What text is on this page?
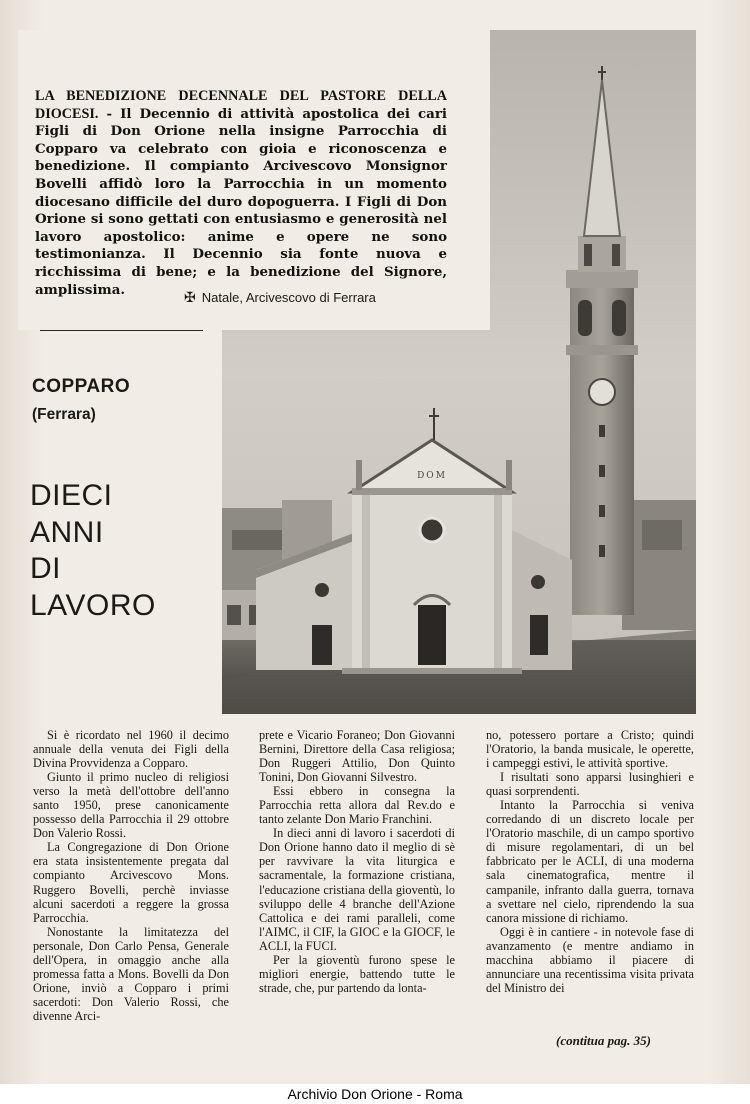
DOM
LA BENEDIZIONE DECENNALE DEL PASTORE DELLA DIOCESI. - Il Decennio di attività apostolica dei cari Figli di Don Orione nella insigne Parrocchia di Copparo va celebrato con gioia e riconoscenza e benedizione. Il compianto Arcivescovo Monsignor Bovelli affidò loro la Parrocchia in un momento diocesano difficile del duro dopoguerra. I Figli di Don Orione si sono gettati con entusiasmo e generosità nel lavoro apostolico: anime e opere ne sono testimonianza. Il Decennio sia fonte nuova e ricchissima di bene; e la benedizione del Signore, amplissima.	✠ Natale, Arcivescovo di Ferrara
COPPARO
(Ferrara)
DIECI
ANNI
DI
LAVORO

Si è ricordato nel 1960 il decimo annuale della venuta dei Figli della Divina Provvidenza a Copparo.

Giunto il primo nucleo di religiosi verso la metà dell'ottobre dell'anno santo 1950, prese canonicamente possesso della Parrocchia il 29 ottobre Don Valerio Rossi.

La Congregazione di Don Orione era stata insistentemente pregata dal compianto Arcivescovo Mons. Ruggero Bovelli, perchè inviasse alcuni sacerdoti a reggere la grossa Parrocchia.

Nonostante la limitatezza del personale, Don Carlo Pensa, Generale dell'Opera, in omaggio anche alla promessa fatta a Mons. Bovelli da Don Orione, inviò a Copparo i primi sacerdoti: Don Valerio Rossi, che divenne Arci-

prete e Vicario Foraneo; Don Giovanni Bernini, Direttore della Casa religiosa; Don Ruggeri Attilio, Don Quinto Tonini, Don Giovanni Silvestro.

Essi ebbero in consegna la Parrocchia retta allora dal Rev.do e tanto zelante Don Mario Franchini.

In dieci anni di lavoro i sacerdoti di Don Orione hanno dato il meglio di sè per ravvivare la vita liturgica e sacramentale, la formazione cristiana, l'educazione cristiana della gioventù, lo sviluppo delle 4 branche dell'Azione Cattolica e dei rami paralleli, come l'AIMC, il CIF, la GIOC e la GIOCF, le ACLI, la FUCI.

Per la gioventù furono spese le migliori energie, battendo tutte le strade, che, pur partendo da lonta-

no, potessero portare a Cristo; quindi l'Oratorio, la banda musicale, le operette, i campeggi estivi, le attività sportive.

I risultati sono apparsi lusinghieri e quasi sorprendenti.

Intanto la Parrocchia si veniva corredando di un discreto locale per l'Oratorio maschile, di un campo sportivo di misure regolamentari, di un bel fabbricato per le ACLI, di una moderna sala cinematografica, mentre il campanile, infranto dalla guerra, tornava a svettare nel cielo, riprendendo la sua canora missione di richiamo.

Oggi è in cantiere - in notevole fase di avanzamento (e mentre andiamo in macchina abbiamo il piacere di annunciare una recentissima visita privata del Ministro dei

(contitua pag. 35)
Archivio Don Orione - Roma
